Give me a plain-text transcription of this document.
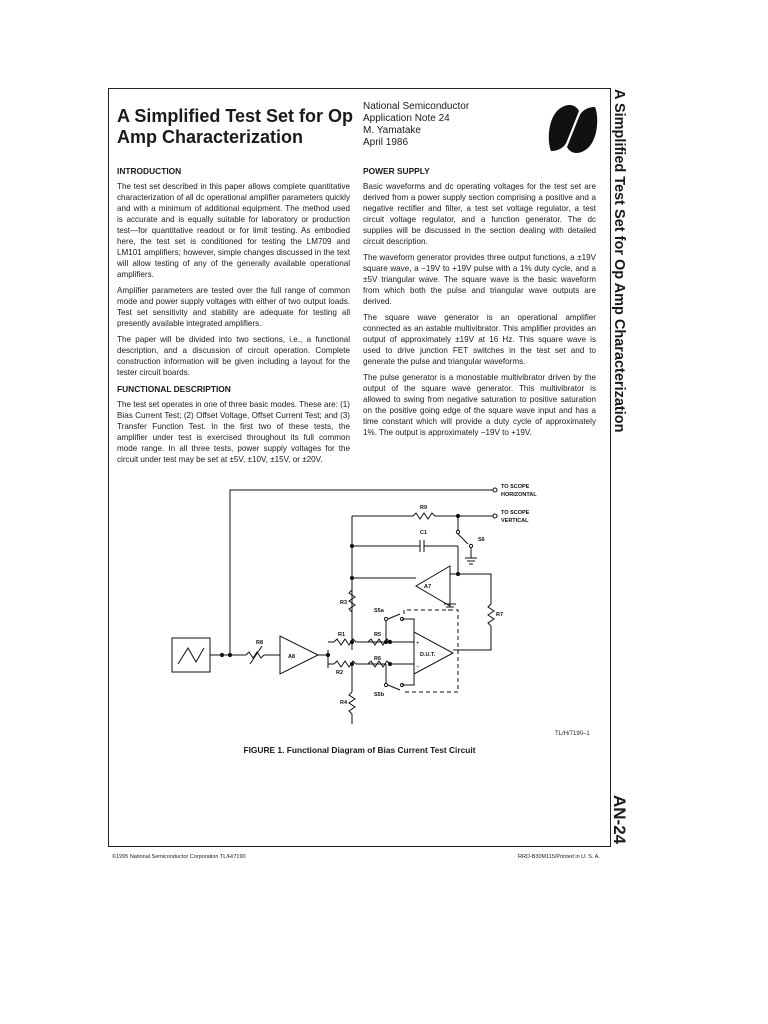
A Simplified Test Set for Op Amp Characterization
National Semiconductor
Application Note 24
M. Yamatake
April 1986
INTRODUCTION

The test set described in this paper allows complete quantitative characterization of all dc operational amplifier parameters quickly and with a minimum of additional equipment. The method used is accurate and is equally suitable for laboratory or production test—for quantitative readout or for limit testing. As embodied here, the test set is conditioned for testing the LM709 and LM101 amplifiers; however, simple changes discussed in the text will allow testing of any of the generally available operational amplifiers.

Amplifier parameters are tested over the full range of common mode and power supply voltages with either of two output loads. Test set sensitivity and stability are adequate for testing all presently available integrated amplifiers.

The paper will be divided into two sections, i.e., a functional description, and a discussion of circuit operation. Complete construction information will be given including a layout for the tester circuit boards.

FUNCTIONAL DESCRIPTION

The test set operates in one of three basic modes. These are: (1) Bias Current Test; (2) Offset Voltage, Offset Current Test; and (3) Transfer Function Test. In the first two of these tests, the amplifier under test is exercised throughout its full common mode range. In all three tests, power supply voltages for the circuit under test may be set at ±5V, ±10V, ±15V, or ±20V.

POWER SUPPLY

Basic waveforms and dc operating voltages for the test set are derived from a power supply section comprising a positive and a negative rectifier and filter, a test set voltage regulator, a test circuit voltage regulator, and a function generator. The dc supplies will be discussed in the section dealing with detailed circuit description.

The waveform generator provides three output functions, a ±19V square wave, a −19V to +19V pulse with a 1% duty cycle, and a ±5V triangular wave. The square wave is the basic waveform from which both the pulse and triangular wave outputs are derived.

The square wave generator is an operational amplifier connected as an astable multivibrator. This amplifier provides an output of approximately ±19V at 16 Hz. This square wave is used to drive junction FET switches in the test set and to generate the pulse and triangular waveforms.

The pulse generator is a monostable multivibrator driven by the output of the square wave generator. This multivibrator is allowed to swing from negative saturation to positive saturation on the positive going edge of the square wave input and has a time constant which will provide a duty cycle of approximately 1%. The output is approximately −19V to +19V.

A Simplified Test Set for Op Amp Characterization
AN-24
TO SCOPE
HORIZONTAL
R9
TO SCOPE
VERTICAL
C1
S6
A7
R7
R3
R8
A8
R1
R2
R4
S5a
R5
R6
S5b
D.U.T.
+
−
TL/H/7190–1
FIGURE 1. Functional Diagram of Bias Current Test Circuit
©1995 National Semiconductor Corporation TL/H/7190	RRD-B30M115/Printed in U. S. A.
